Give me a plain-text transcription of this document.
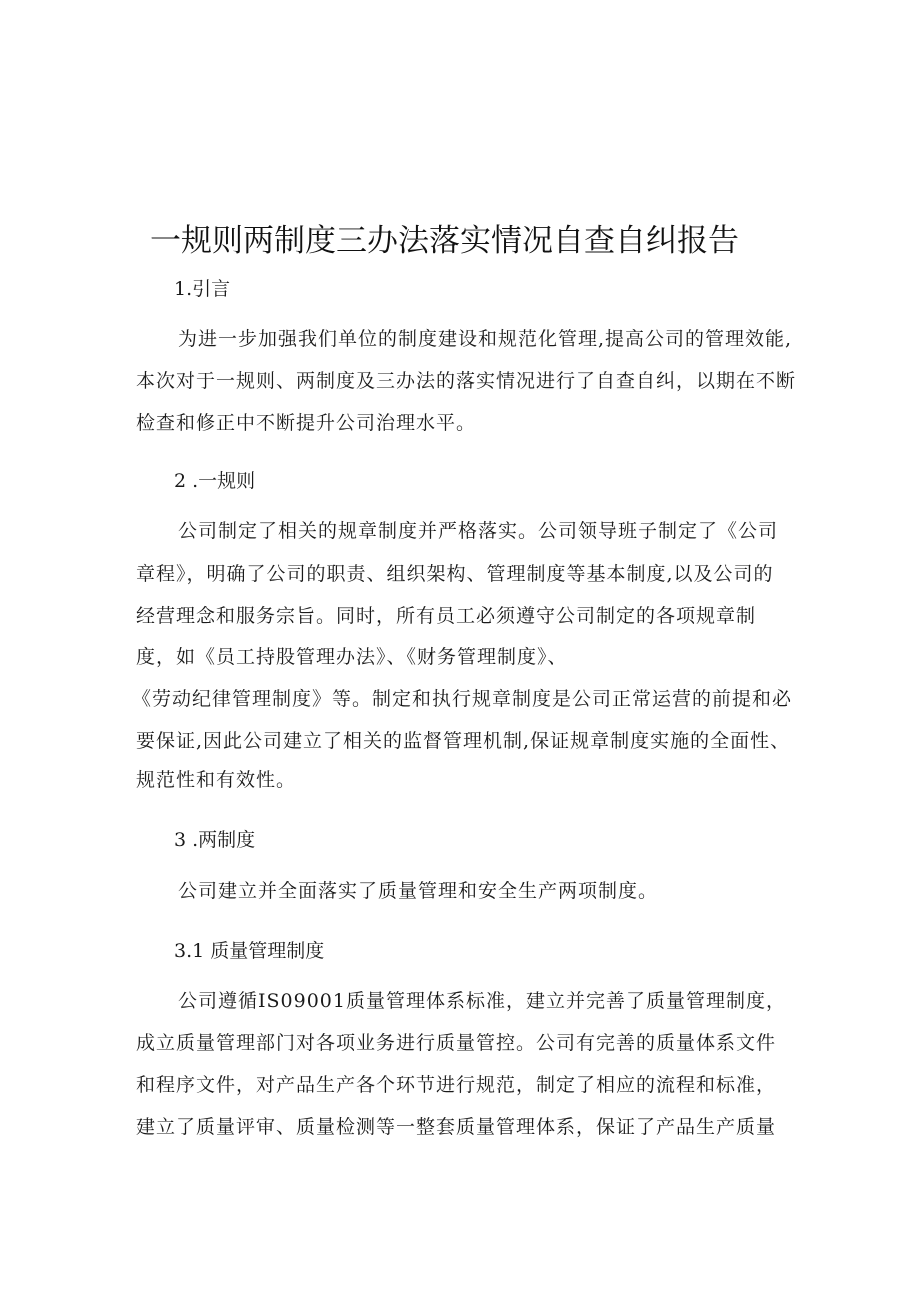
一规则两制度三办法落实情况自查自纠报告
1.引言
为进一步加强我们单位的制度建设和规范化管理,提高公司的管理效能,
本次对于一规则、两制度及三办法的落实情况进行了自查自纠，以期在不断
检查和修正中不断提升公司治理水平。
2 .一规则
公司制定了相关的规章制度并严格落实。公司领导班子制定了《公司
章程》，明确了公司的职责、组织架构、管理制度等基本制度,以及公司的
经营理念和服务宗旨。同时，所有员工必须遵守公司制定的各项规章制
度，如《员工持股管理办法》、《财务管理制度》、
《劳动纪律管理制度》等。制定和执行规章制度是公司正常运营的前提和必
要保证,因此公司建立了相关的监督管理机制,保证规章制度实施的全面性、
规范性和有效性。
3 .两制度
公司建立并全面落实了质量管理和安全生产两项制度。
3.1 质量管理制度
公司遵循IS09001质量管理体系标准，建立并完善了质量管理制度，
成立质量管理部门对各项业务进行质量管控。公司有完善的质量体系文件
和程序文件，对产品生产各个环节进行规范，制定了相应的流程和标准，
建立了质量评审、质量检测等一整套质量管理体系，保证了产品生产质量
